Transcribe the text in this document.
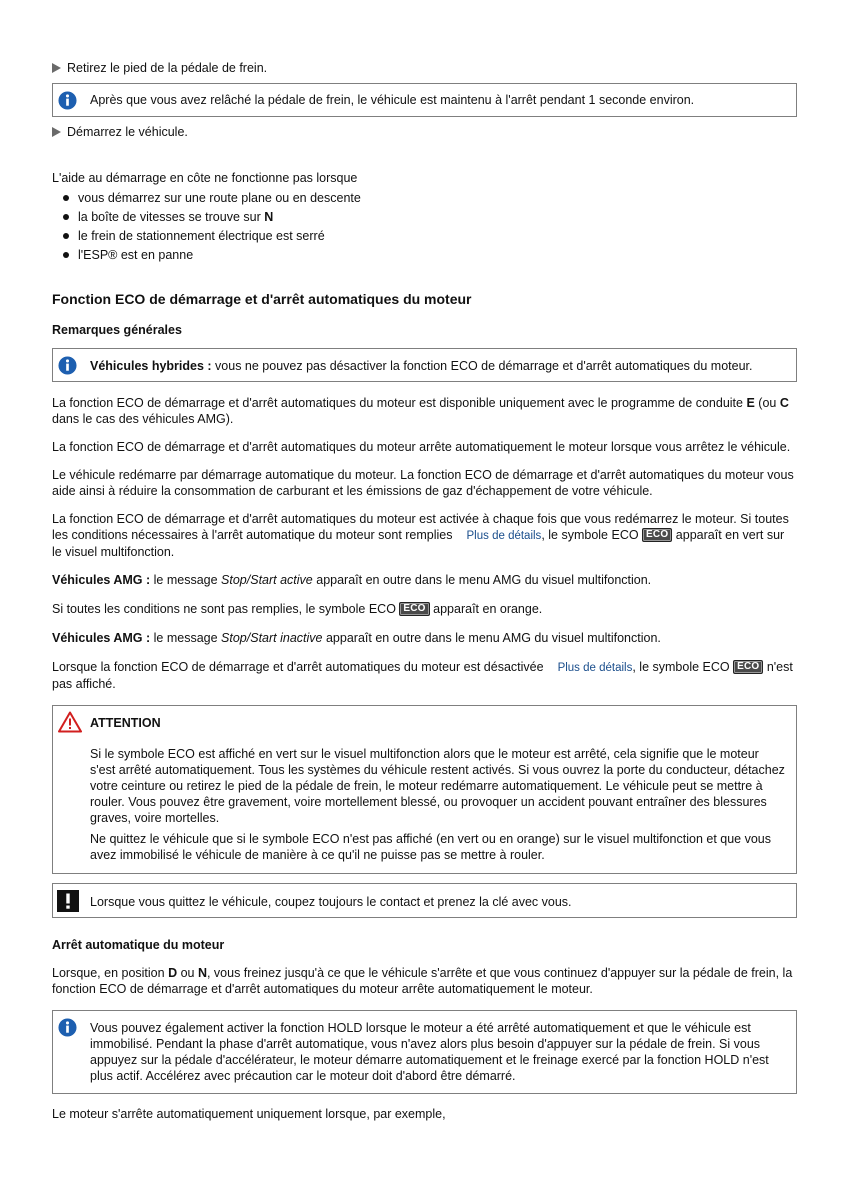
Retirez le pied de la pédale de frein.
Après que vous avez relâché la pédale de frein, le véhicule est maintenu à l'arrêt pendant 1 seconde environ.
Démarrez le véhicule.

L'aide au démarrage en côte ne fonctionne pas lorsque

vous démarrez sur une route plane ou en descente
la boîte de vitesses se trouve sur N
le frein de stationnement électrique est serré
l'ESP® est en panne
Fonction ECO de démarrage et d'arrêt automatiques du moteur
Remarques générales
Véhicules hybrides : vous ne pouvez pas désactiver la fonction ECO de démarrage et d'arrêt automatiques du moteur.

La fonction ECO de démarrage et d'arrêt automatiques du moteur est disponible uniquement avec le programme de conduite E (ou C dans le cas des véhicules AMG).

La fonction ECO de démarrage et d'arrêt automatiques du moteur arrête automatiquement le moteur lorsque vous arrêtez le véhicule.

Le véhicule redémarre par démarrage automatique du moteur. La fonction ECO de démarrage et d'arrêt automatiques du moteur vous aide ainsi à réduire la consommation de carburant et les émissions de gaz d'échappement de votre véhicule.

La fonction ECO de démarrage et d'arrêt automatiques du moteur est activée à chaque fois que vous redémarrez le moteur. Si toutes les conditions nécessaires à l'arrêt automatique du moteur sont remplies Plus de détails, le symbole ECO ECO apparaît en vert sur le visuel multifonction.

Véhicules AMG : le message Stop/Start active apparaît en outre dans le menu AMG du visuel multifonction.

Si toutes les conditions ne sont pas remplies, le symbole ECO ECO apparaît en orange.

Véhicules AMG : le message Stop/Start inactive apparaît en outre dans le menu AMG du visuel multifonction.

Lorsque la fonction ECO de démarrage et d'arrêt automatiques du moteur est désactivée Plus de détails, le symbole ECO ECO n'est pas affiché.

ATTENTION
Si le symbole ECO est affiché en vert sur le visuel multifonction alors que le moteur est arrêté, cela signifie que le moteur s'est arrêté automatiquement. Tous les systèmes du véhicule restent activés. Si vous ouvrez la porte du conducteur, détachez votre ceinture ou retirez le pied de la pédale de frein, le moteur redémarre automatiquement. Le véhicule peut se mettre à rouler. Vous pouvez être gravement, voire mortellement blessé, ou provoquer un accident pouvant entraîner des blessures graves, voire mortelles.
Ne quittez le véhicule que si le symbole ECO n'est pas affiché (en vert ou en orange) sur le visuel multifonction et que vous avez immobilisé le véhicule de manière à ce qu'il ne puisse pas se mettre à rouler.
Lorsque vous quittez le véhicule, coupez toujours le contact et prenez la clé avec vous.
Arrêt automatique du moteur

Lorsque, en position D ou N, vous freinez jusqu'à ce que le véhicule s'arrête et que vous continuez d'appuyer sur la pédale de frein, la fonction ECO de démarrage et d'arrêt automatiques du moteur arrête automatiquement le moteur.

Vous pouvez également activer la fonction HOLD lorsque le moteur a été arrêté automatiquement et que le véhicule est immobilisé. Pendant la phase d'arrêt automatique, vous n'avez alors plus besoin d'appuyer sur la pédale de frein. Si vous appuyez sur la pédale d'accélérateur, le moteur démarre automatiquement et le freinage exercé par la fonction HOLD n'est plus actif. Accélérez avec précaution car le moteur doit d'abord être démarré.

Le moteur s'arrête automatiquement uniquement lorsque, par exemple,
